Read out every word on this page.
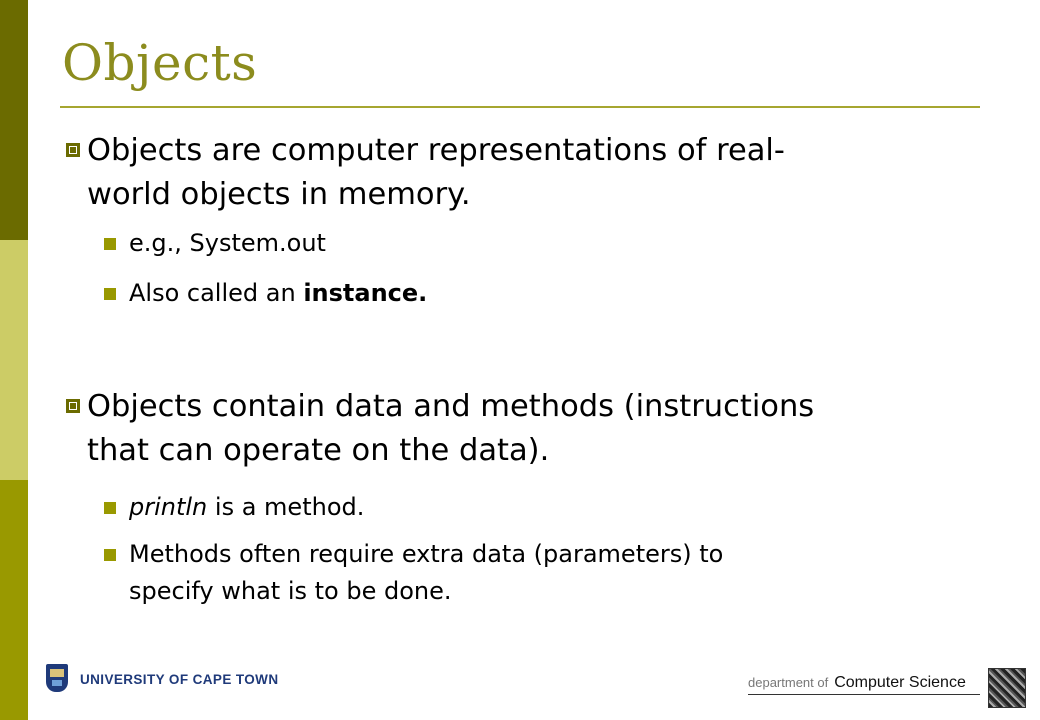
Objects
Objects are computer representations of real-
world objects in memory.
e.g., System.out
Also called an instance.
Objects contain data and methods (instructions
that can operate on the data).
println is a method.
Methods often require extra data (parameters) to
specify what is to be done.
UNIVERSITY OF CAPE TOWN	department of Computer Science
